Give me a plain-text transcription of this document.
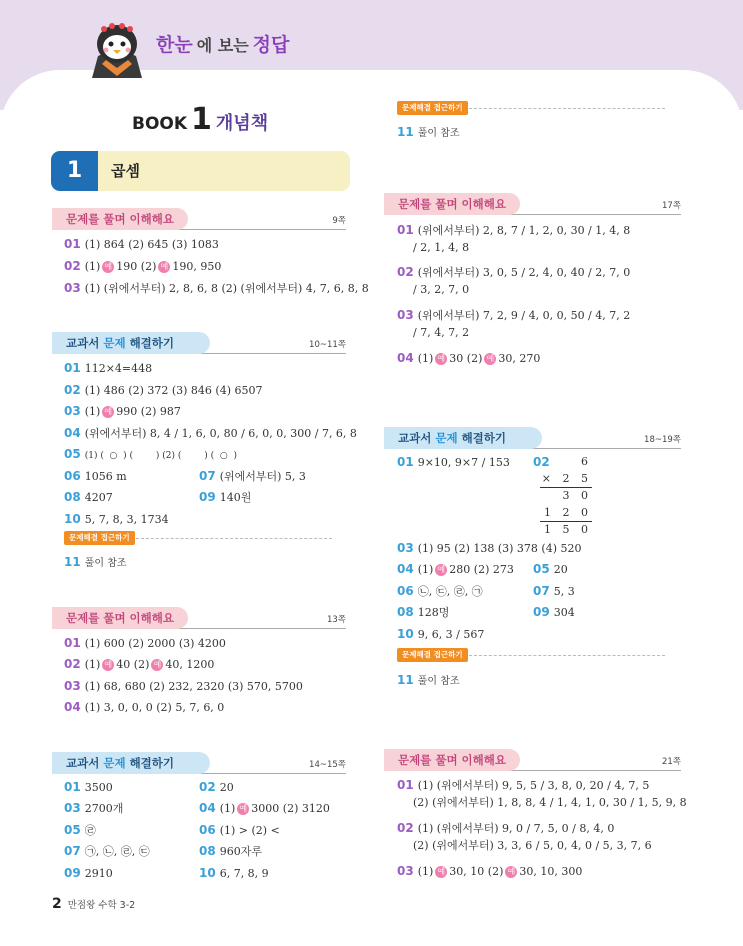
한눈 에 보는 정답
BOOK 1 개념책
1	곱셈
문제를 풀며 이해해요	9쪽
01 (1) 864 (2) 645 (3) 1083
02 (1) 예 190 (2) 예 190, 950
03 (1) (위에서부터) 2, 8, 6, 8 (2) (위에서부터) 4, 7, 6, 8, 8
교과서 문제 해결하기	10~11쪽
01 112×4=448
02 (1) 486 (2) 372 (3) 846 (4) 6507
03 (1) 예 990 (2) 987
04 (위에서부터) 8, 4 / 1, 6, 0, 80 / 6, 0, 0, 300 / 7, 6, 8
05 (1) (  ○  ) (        ) (2) (        ) (  ○  )
06 1056 m	07 (위에서부터) 5, 3
08 4207	09 140원
10 5, 7, 8, 3, 1734
문제해결 접근하기
11 풀이 참조
문제를 풀며 이해해요	13쪽
01 (1) 600 (2) 2000 (3) 4200
02 (1) 예 40 (2) 예 40, 1200
03 (1) 68, 680 (2) 232, 2320 (3) 570, 5700
04 (1) 3, 0, 0, 0 (2) 5, 7, 6, 0
교과서 문제 해결하기	14~15쪽
01 3500	02 20
03 2700개	04 (1) 예 3000 (2) 3120
05 ㉣	06 (1) > (2) <
07 ㉠, ㉡, ㉣, ㉢	08 960자루
09 2910	10 6, 7, 8, 9
문제해결 접근하기
11 풀이 참조
문제를 풀며 이해해요	17쪽
01 (위에서부터) 2, 8, 7 / 1, 2, 0, 30 / 1, 4, 8
/ 2, 1, 4, 8
02 (위에서부터) 3, 0, 5 / 2, 4, 0, 40 / 2, 7, 0
/ 3, 2, 7, 0
03 (위에서부터) 7, 2, 9 / 4, 0, 0, 50 / 4, 7, 2
/ 7, 4, 7, 2
04 (1) 예 30 (2) 예 30, 270
교과서 문제 해결하기	18~19쪽
01 9×10, 9×7 / 153 02	6
× 2 5
3 0
1 2 0
1 5 0
03 (1) 95 (2) 138 (3) 378 (4) 520
04 (1) 예 280 (2) 273 05 20
06 ㉡, ㉢, ㉣, ㉠	07 5, 3
08 128명	09 304
10 9, 6, 3 / 567
문제해결 접근하기
11 풀이 참조
문제를 풀며 이해해요	21쪽
01 (1) (위에서부터) 9, 5, 5 / 3, 8, 0, 20 / 4, 7, 5
(2) (위에서부터) 1, 8, 8, 4 / 1, 4, 1, 0, 30 / 1, 5, 9, 8
02 (1) (위에서부터) 9, 0 / 7, 5, 0 / 8, 4, 0
(2) (위에서부터) 3, 3, 6 / 5, 0, 4, 0 / 5, 3, 7, 6
03 (1) 예 30, 10 (2) 예 30, 10, 300
2 만점왕 수학 3-2
